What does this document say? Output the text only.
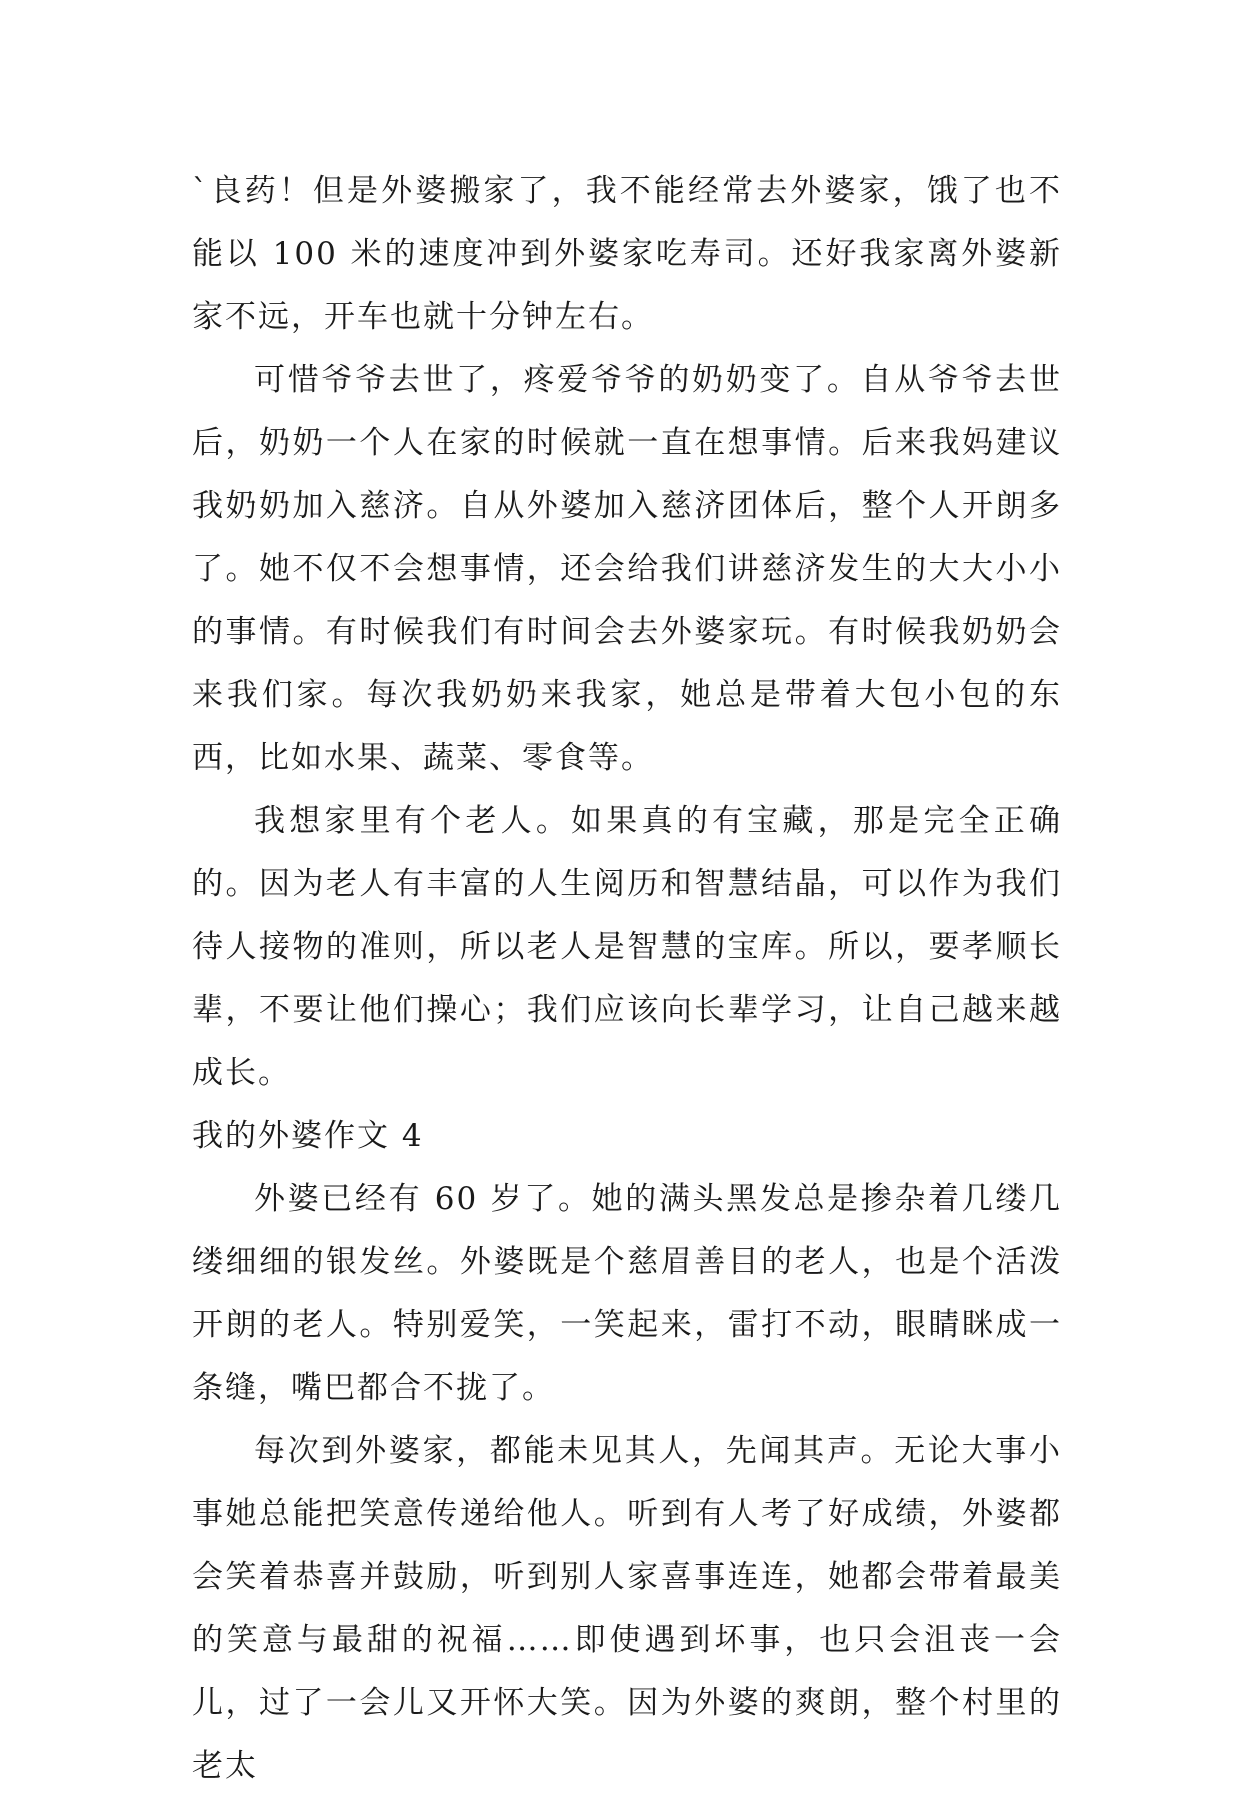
`良药！但是外婆搬家了，我不能经常去外婆家，饿了也不能以 100 米的速度冲到外婆家吃寿司。还好我家离外婆新家不远，开车也就十分钟左右。

可惜爷爷去世了，疼爱爷爷的奶奶变了。自从爷爷去世后，奶奶一个人在家的时候就一直在想事情。后来我妈建议我奶奶加入慈济。自从外婆加入慈济团体后，整个人开朗多了。她不仅不会想事情，还会给我们讲慈济发生的大大小小的事情。有时候我们有时间会去外婆家玩。有时候我奶奶会来我们家。每次我奶奶来我家，她总是带着大包小包的东西，比如水果、蔬菜、零食等。

我想家里有个老人。如果真的有宝藏，那是完全正确的。因为老人有丰富的人生阅历和智慧结晶，可以作为我们待人接物的准则，所以老人是智慧的宝库。所以，要孝顺长辈，不要让他们操心；我们应该向长辈学习，让自己越来越成长。

我的外婆作文 4

外婆已经有 60 岁了。她的满头黑发总是掺杂着几缕几缕细细的银发丝。外婆既是个慈眉善目的老人，也是个活泼开朗的老人。特别爱笑，一笑起来，雷打不动，眼睛眯成一条缝，嘴巴都合不拢了。

每次到外婆家，都能未见其人，先闻其声。无论大事小事她总能把笑意传递给他人。听到有人考了好成绩，外婆都会笑着恭喜并鼓励，听到别人家喜事连连，她都会带着最美的笑意与最甜的祝福……即使遇到坏事，也只会沮丧一会儿，过了一会儿又开怀大笑。因为外婆的爽朗，整个村里的老太
